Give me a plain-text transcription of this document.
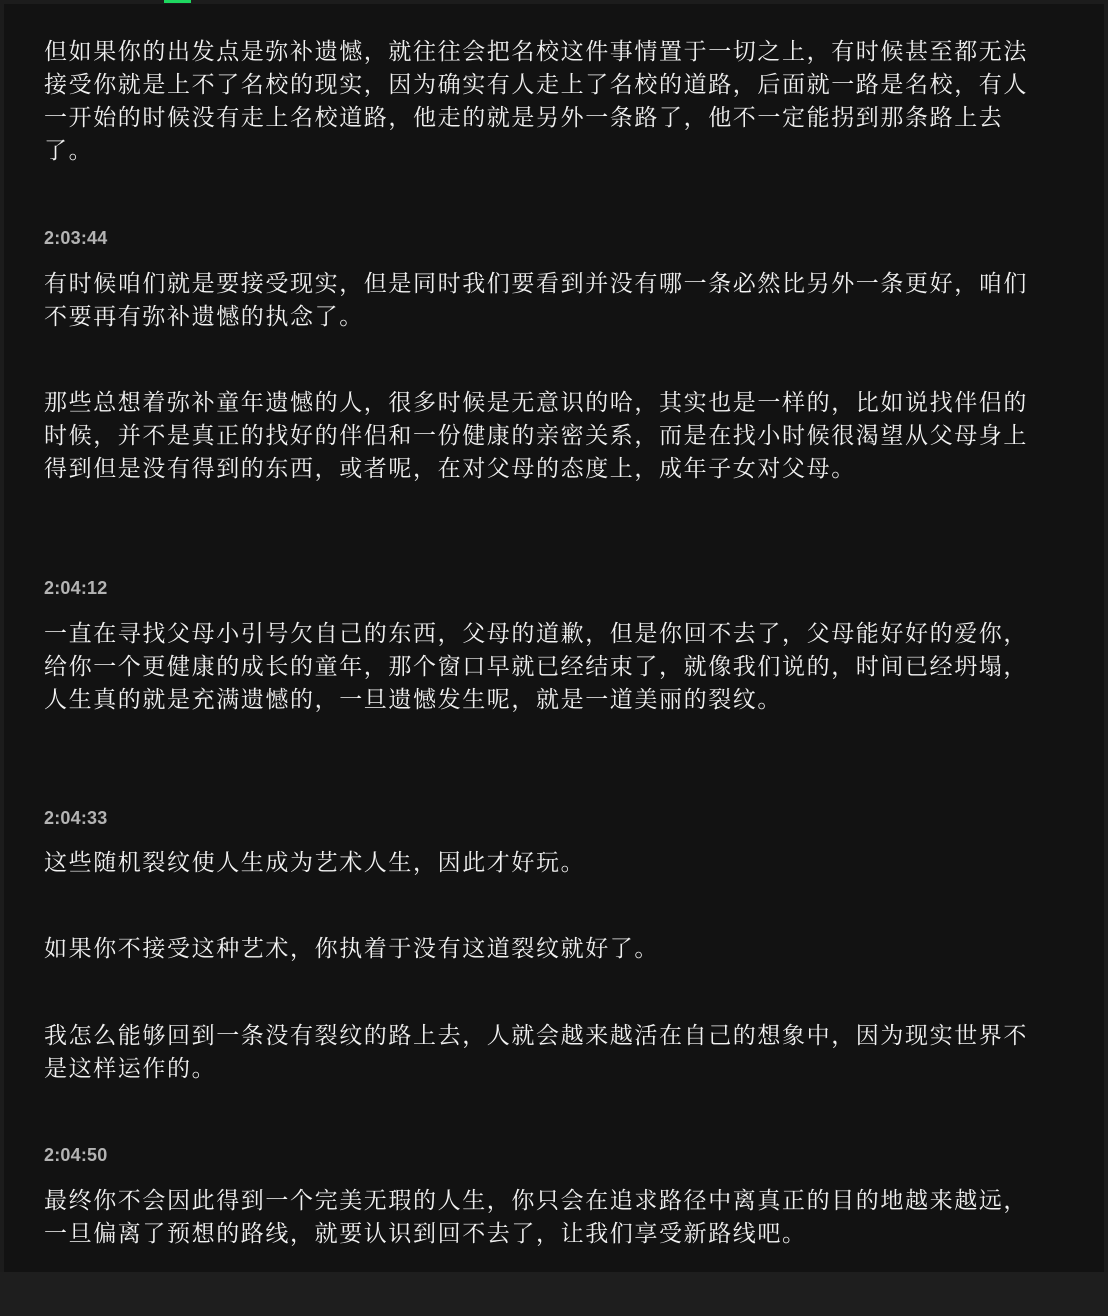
但如果你的出发点是弥补遗憾，就往往会把名校这件事情置于一切之上，有时候甚至都无法接受你就是上不了名校的现实，因为确实有人走上了名校的道路，后面就一路是名校，有人一开始的时候没有走上名校道路，他走的就是另外一条路了，他不一定能拐到那条路上去了。

2:03:44

有时候咱们就是要接受现实，但是同时我们要看到并没有哪一条必然比另外一条更好，咱们不要再有弥补遗憾的执念了。

那些总想着弥补童年遗憾的人，很多时候是无意识的哈，其实也是一样的，比如说找伴侣的时候，并不是真正的找好的伴侣和一份健康的亲密关系，而是在找小时候很渴望从父母身上得到但是没有得到的东西，或者呢，在对父母的态度上，成年子女对父母。

2:04:12

一直在寻找父母小引号欠自己的东西，父母的道歉，但是你回不去了，父母能好好的爱你，给你一个更健康的成长的童年，那个窗口早就已经结束了，就像我们说的，时间已经坍塌，人生真的就是充满遗憾的，一旦遗憾发生呢，就是一道美丽的裂纹。

2:04:33

这些随机裂纹使人生成为艺术人生，因此才好玩。

如果你不接受这种艺术，你执着于没有这道裂纹就好了。

我怎么能够回到一条没有裂纹的路上去，人就会越来越活在自己的想象中，因为现实世界不是这样运作的。

2:04:50

最终你不会因此得到一个完美无瑕的人生，你只会在追求路径中离真正的目的地越来越远，一旦偏离了预想的路线，就要认识到回不去了，让我们享受新路线吧。
